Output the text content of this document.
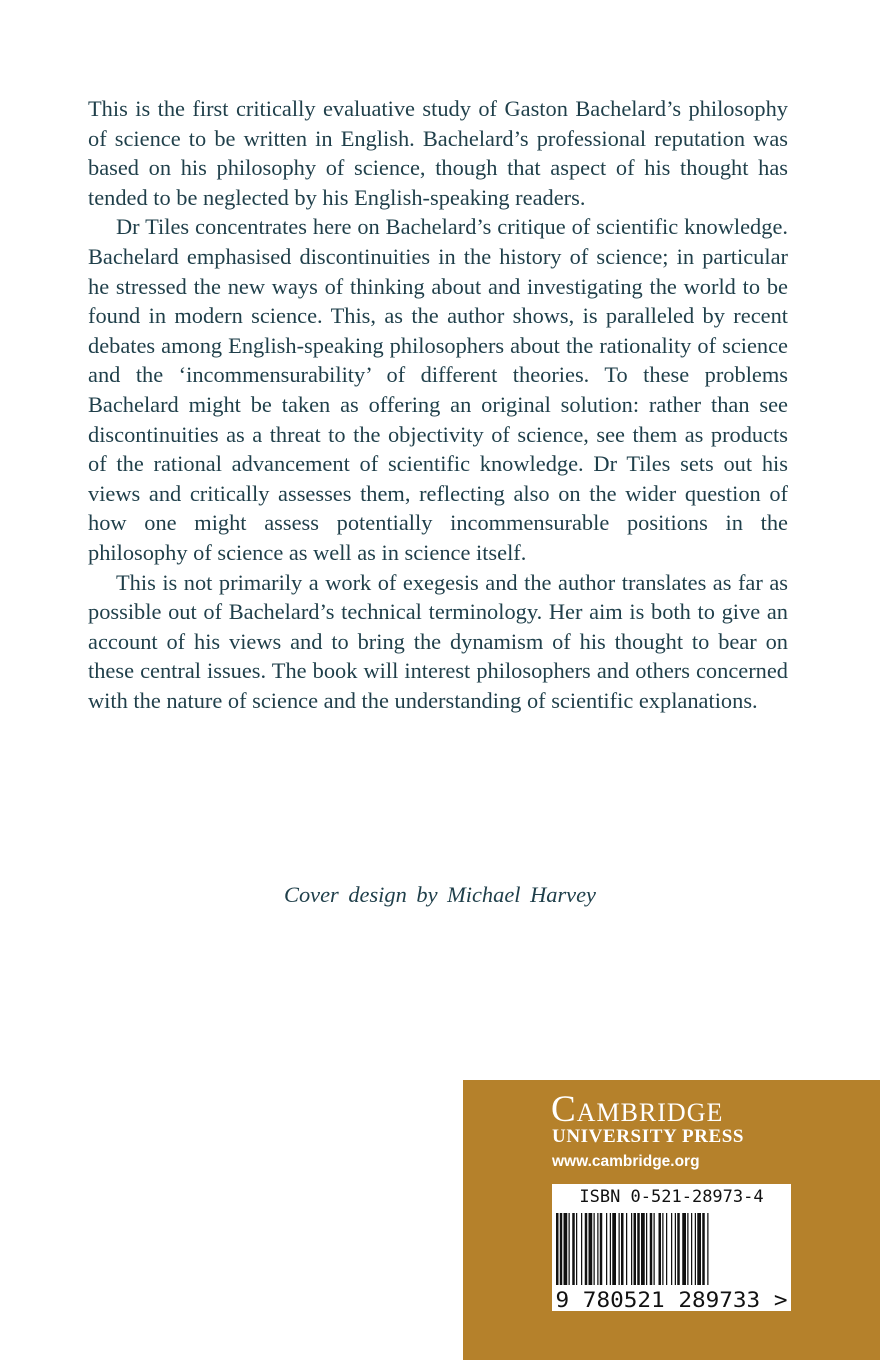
This is the first critically evaluative study of Gaston Bachelard’s philosophy of science to be written in English. Bachelard’s professional reputation was based on his philosophy of science, though that aspect of his thought has tended to be neglected by his English-speaking readers.

Dr Tiles concentrates here on Bachelard’s critique of scientific knowledge. Bachelard emphasised discontinuities in the history of science; in particular he stressed the new ways of thinking about and investigating the world to be found in modern science. This, as the author shows, is paralleled by recent debates among English-speaking philosophers about the rationality of science and the ‘incommensurability’ of different theories. To these problems Bachelard might be taken as offering an original solution: rather than see discontinuities as a threat to the objectivity of science, see them as products of the rational advancement of scientific knowledge. Dr Tiles sets out his views and critically assesses them, reflecting also on the wider question of how one might assess potentially incommensurable positions in the philosophy of science as well as in science itself.

This is not primarily a work of exegesis and the author translates as far as possible out of Bachelard’s technical terminology. Her aim is both to give an account of his views and to bring the dynamism of his thought to bear on these central issues. The book will interest philosophers and others concerned with the nature of science and the understanding of scientific explanations.

Cover design by Michael Harvey
Cambridge
UNIVERSITY PRESS
www.cambridge.org
ISBN 0-521-28973-4
9 780521 289733 >
